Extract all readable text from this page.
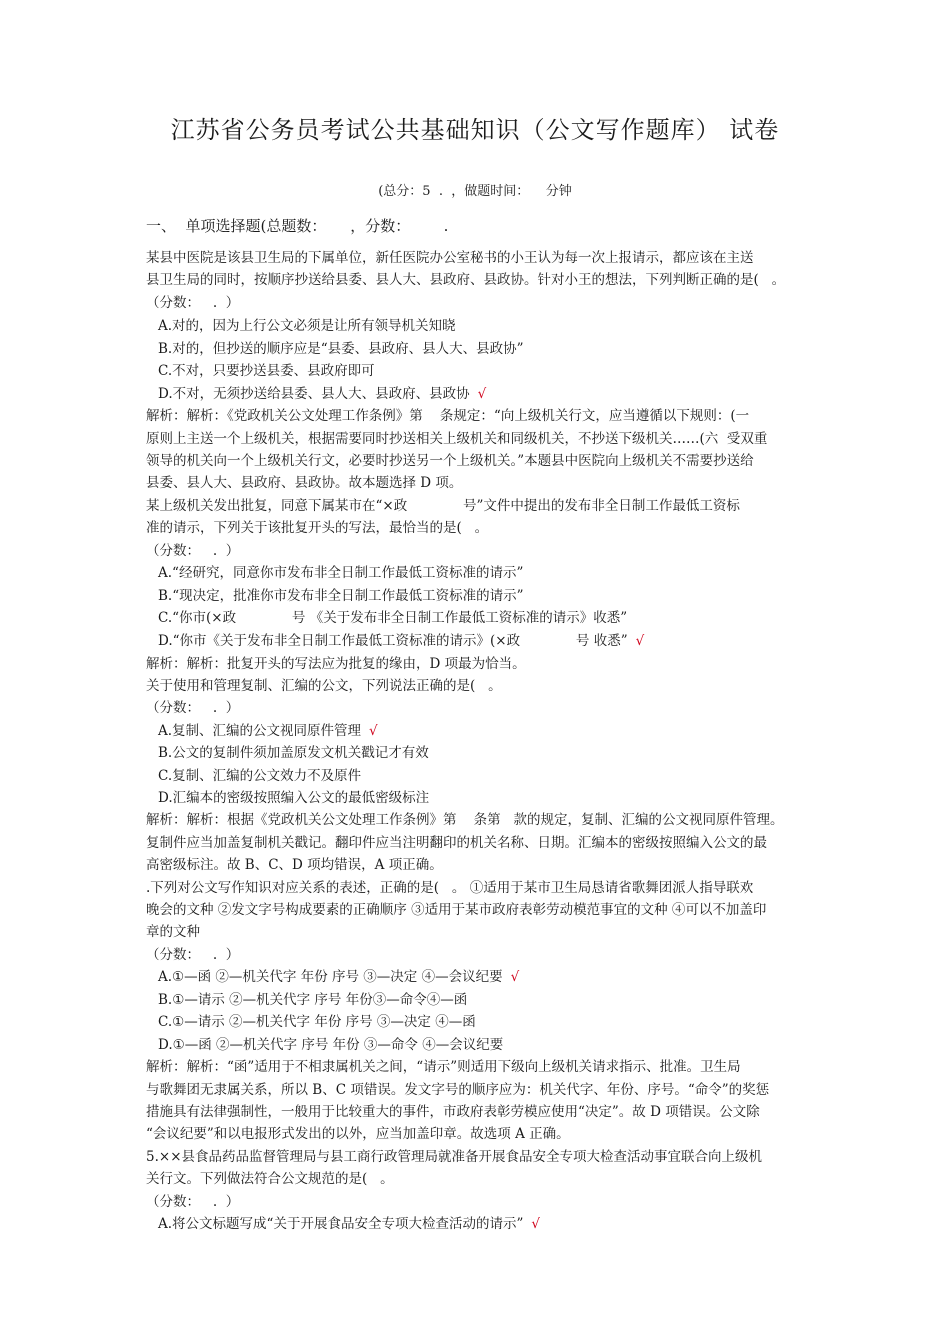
江苏省公务员考试公共基础知识（公文写作题库） 试卷
(总分：5  .  ，做题时间：    分钟
一、  单项选择题(总题数：     ，分数：       .
某县中医院是该县卫生局的下属单位，新任医院办公室秘书的小王认为每一次上报请示，都应该在主送
县卫生局的同时，按顺序抄送给县委、县人大、县政府、县政协。针对小王的想法，下列判断正确的是(   。
（分数：   .  ）
A.对的，因为上行公文必须是让所有领导机关知晓
B.对的，但抄送的顺序应是“县委、县政府、县人大、县政协”
C.不对，只要抄送县委、县政府即可
D.不对，无须抄送给县委、县人大、县政府、县政协 √
解析：解析：《党政机关公文处理工作条例》第    条规定：“向上级机关行文，应当遵循以下规则：(一
原则上主送一个上级机关，根据需要同时抄送相关上级机关和同级机关，不抄送下级机关……(六  受双重
领导的机关向一个上级机关行文，必要时抄送另一个上级机关。”本题县中医院向上级机关不需要抄送给
县委、县人大、县政府、县政协。故本题选择 D 项。
某上级机关发出批复，同意下属某市在“×政             号”文件中提出的发布非全日制工作最低工资标
准的请示，下列关于该批复开头的写法，最恰当的是(   。
（分数：   .  ）
A.“经研究，同意你市发布非全日制工作最低工资标准的请示”
B.“现决定，批准你市发布非全日制工作最低工资标准的请示”
C.“你市(×政             号 《关于发布非全日制工作最低工资标准的请示》收悉”
D.“你市《关于发布非全日制工作最低工资标准的请示》(×政             号 收悉” √
解析：解析：批复开头的写法应为批复的缘由，D 项最为恰当。
关于使用和管理复制、汇编的公文，下列说法正确的是(   。
（分数：   .  ）
A.复制、汇编的公文视同原件管理 √
B.公文的复制件须加盖原发文机关戳记才有效
C.复制、汇编的公文效力不及原件
D.汇编本的密级按照编入公文的最低密级标注
解析：解析：根据《党政机关公文处理工作条例》第    条第   款的规定，复制、汇编的公文视同原件管理。
复制件应当加盖复制机关戳记。翻印件应当注明翻印的机关名称、日期。汇编本的密级按照编入公文的最
高密级标注。故 B、C、D 项均错误，A 项正确。
.下列对公文写作知识对应关系的表述，正确的是(   。 ①适用于某市卫生局恳请省歌舞团派人指导联欢
晚会的文种 ②发文字号构成要素的正确顺序 ③适用于某市政府表彰劳动模范事宜的文种 ④可以不加盖印
章的文种
（分数：   .  ）
A.①—函 ②—机关代字 年份 序号 ③—决定 ④—会议纪要 √
B.①—请示 ②—机关代字 序号 年份③—命令④—函
C.①—请示 ②—机关代字 年份 序号 ③—决定 ④—函
D.①—函 ②—机关代字 序号 年份 ③—命令 ④—会议纪要
解析：解析：“函”适用于不相隶属机关之间，“请示”则适用下级向上级机关请求指示、批准。卫生局
与歌舞团无隶属关系，所以 B、C 项错误。发文字号的顺序应为：机关代字、年份、序号。“命令”的奖惩
措施具有法律强制性，一般用于比较重大的事件，市政府表彰劳模应使用“决定”。故 D 项错误。公文除
“会议纪要”和以电报形式发出的以外，应当加盖印章。故选项 A 正确。
5.××县食品药品监督管理局与县工商行政管理局就准备开展食品安全专项大检查活动事宜联合向上级机
关行文。下列做法符合公文规范的是(   。
（分数：   .  ）
A.将公文标题写成“关于开展食品安全专项大检查活动的请示” √
